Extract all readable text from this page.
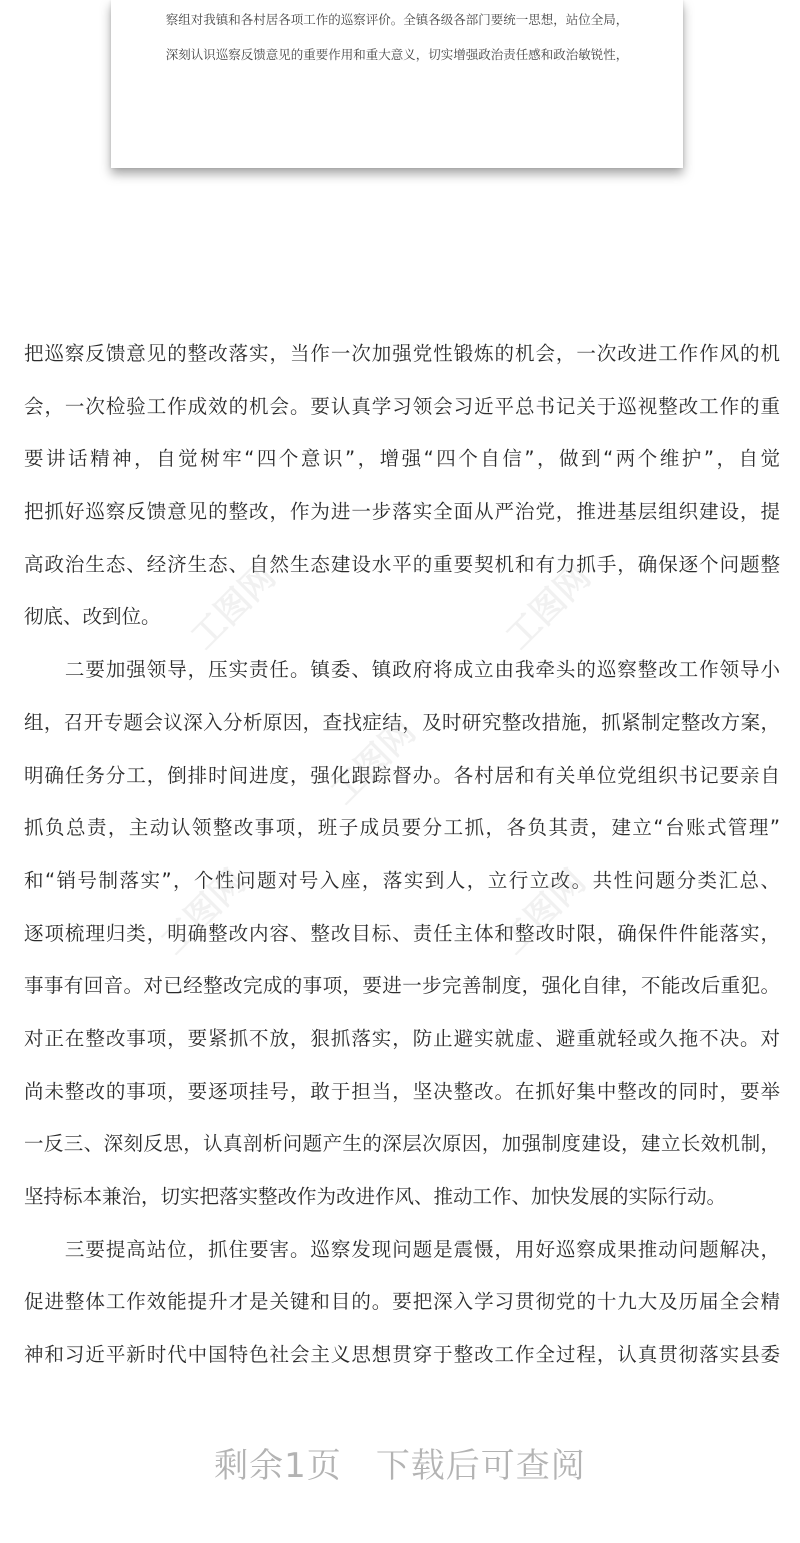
察组对我镇和各村居各项工作的巡察评价。全镇各级各部门要统一思想，站位全局，
深刻认识巡察反馈意见的重要作用和重大意义，切实增强政治责任感和政治敏锐性，
把巡察反馈意见的整改落实，当作一次加强党性锻炼的机会，一次改进工作作风的机
会，一次检验工作成效的机会。要认真学习领会习近平总书记关于巡视整改工作的重
要讲话精神，自觉树牢“四个意识”，增强“四个自信”，做到“两个维护”，自觉
把抓好巡察反馈意见的整改，作为进一步落实全面从严治党，推进基层组织建设，提
高政治生态、经济生态、自然生态建设水平的重要契机和有力抓手，确保逐个问题整
彻底、改到位。
　　二要加强领导，压实责任。镇委、镇政府将成立由我牵头的巡察整改工作领导小
组，召开专题会议深入分析原因，查找症结，及时研究整改措施，抓紧制定整改方案，
明确任务分工，倒排时间进度，强化跟踪督办。各村居和有关单位党组织书记要亲自
抓负总责，主动认领整改事项，班子成员要分工抓，各负其责，建立“台账式管理”
和“销号制落实”，个性问题对号入座，落实到人，立行立改。共性问题分类汇总、
逐项梳理归类，明确整改内容、整改目标、责任主体和整改时限，确保件件能落实，
事事有回音。对已经整改完成的事项，要进一步完善制度，强化自律，不能改后重犯。
对正在整改事项，要紧抓不放，狠抓落实，防止避实就虚、避重就轻或久拖不决。对
尚未整改的事项，要逐项挂号，敢于担当，坚决整改。在抓好集中整改的同时，要举
一反三、深刻反思，认真剖析问题产生的深层次原因，加强制度建设，建立长效机制，
坚持标本兼治，切实把落实整改作为改进作风、推动工作、加快发展的实际行动。
　　三要提高站位，抓住要害。巡察发现问题是震慑，用好巡察成果推动问题解决，
促进整体工作效能提升才是关键和目的。要把深入学习贯彻党的十九大及历届全会精
神和习近平新时代中国特色社会主义思想贯穿于整改工作全过程，认真贯彻落实县委
工图网	工图网
工图网
工图网	工图网
剩余1页 下载后可查阅
